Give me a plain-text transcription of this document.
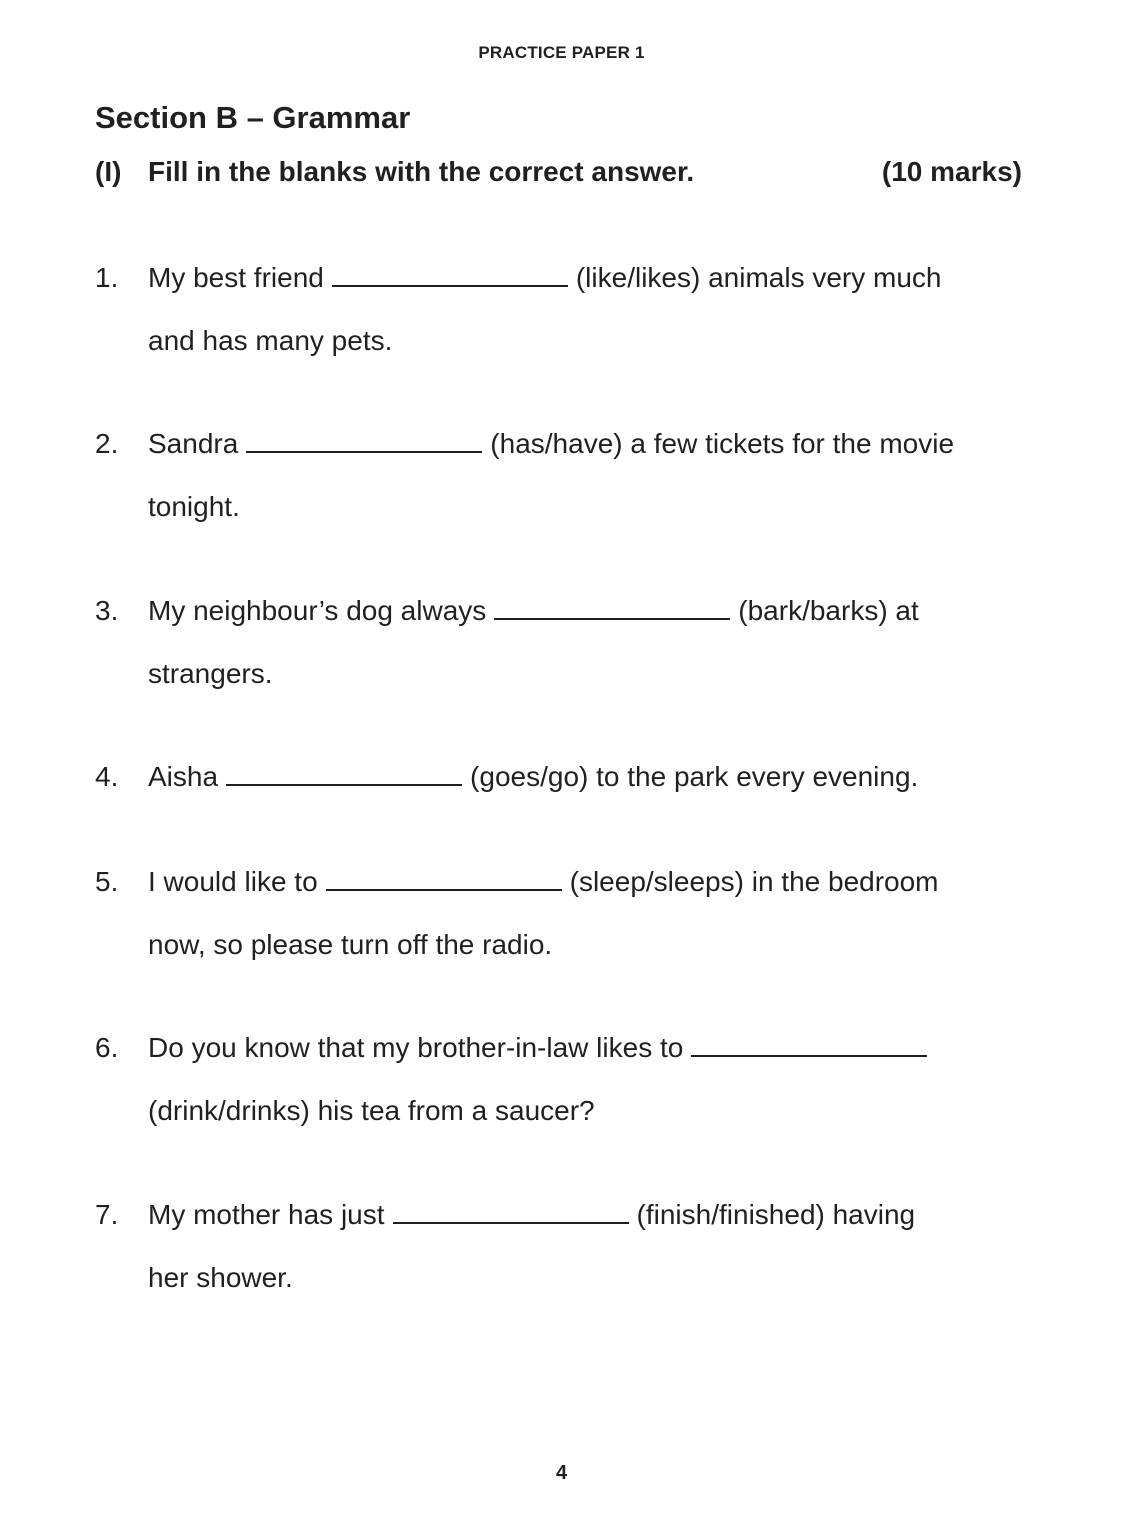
PRACTICE PAPER 1
Section B – Grammar
(I) Fill in the blanks with the correct answer.	(10 marks)
1.	My best friend	(like/likes) animals very much
and has many pets.
2.	Sandra	(has/have) a few tickets for the movie
tonight.
3.	My neighbour’s dog always	(bark/barks) at
strangers.
4.	Aisha	(goes/go) to the park every evening.
5.	I would like to	(sleep/sleeps) in the bedroom
now, so please turn off the radio.
6.	Do you know that my brother-in-law likes to
(drink/drinks) his tea from a saucer?
7.	My mother has just	(finish/finished) having
her shower.
4
